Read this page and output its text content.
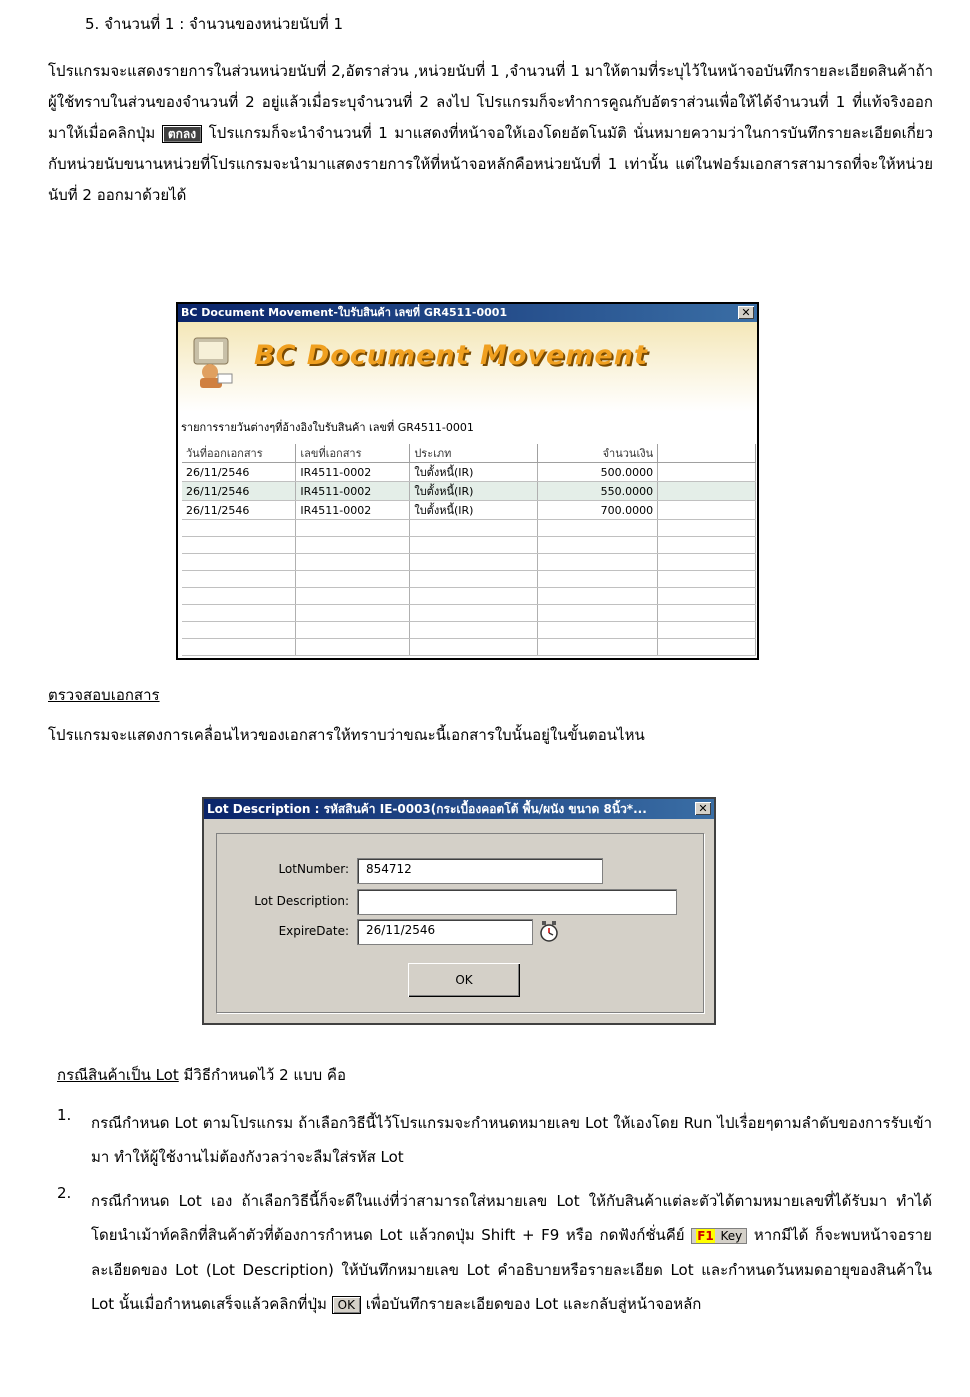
5. จำนวนที่ 1 : จำนวนของหน่วยนับที่ 1
โปรแกรมจะแสดงรายการในส่วนหน่วยนับที่ 2,อัตราส่วน ,หน่วยนับที่ 1 ,จำนวนที่ 1 มาให้ตามที่ระบุไว้ในหน้าจอบันทึกรายละเอียดสินค้าถ้าผู้ใช้ทราบในส่วนของจำนวนที่ 2 อยู่แล้วเมื่อระบุจำนวนที่ 2 ลงไป โปรแกรมก็จะทำการคูณกับอัตราส่วนเพื่อให้ได้จำนวนที่ 1 ที่แท้จริงออกมาให้เมื่อคลิกปุ่ม ตกลง โปรแกรมก็จะนำจำนวนที่ 1 มาแสดงที่หน้าจอให้เองโดยอัตโนมัติ นั่นหมายความว่าในการบันทึกรายละเอียดเกี่ยวกับหน่วยนับขนานหน่วยที่โปรแกรมจะนำมาแสดงรายการให้ที่หน้าจอหลักคือหน่วยนับที่ 1 เท่านั้น แต่ในฟอร์มเอกสารสามารถที่จะให้หน่วยนับที่ 2 ออกมาด้วยได้
BC Document Movement-ใบรับสินค้า เลขที่ GR4511-0001	✕
BC Document Movement
รายการรายวันต่างๆที่อ้างอิงใบรับสินค้า เลขที่ GR4511-0001
วันที่ออกเอกสาร	เลขที่เอกสาร	ประเภท	จำนวนเงิน	
26/11/2546	IR4511-0002	ใบตั้งหนี้(IR)	500.0000	
26/11/2546	IR4511-0002	ใบตั้งหนี้(IR)	550.0000	
26/11/2546	IR4511-0002	ใบตั้งหนี้(IR)	700.0000	

ตรวจสอบเอกสาร
โปรแกรมจะแสดงการเคลื่อนไหวของเอกสารให้ทราบว่าขณะนี้เอกสารใบนั้นอยู่ในขั้นตอนไหน
Lot Description : รหัสสินค้า IE-0003(กระเบื้องคอตโต้ พื้น/ผนัง ขนาด 8นิ้ว*...	✕
LotNumber:	854712
Lot Description:
ExpireDate:	26/11/2546
OK
กรณีสินค้าเป็น Lot มีวิธีกำหนดไว้ 2 แบบ คือ
1. กรณีกำหนด Lot ตามโปรแกรม ถ้าเลือกวิธีนี้ไว้โปรแกรมจะกำหนดหมายเลข Lot ให้เองโดย Run ไปเรื่อยๆตามลำดับของการรับเข้ามา ทำให้ผู้ใช้งานไม่ต้องกังวลว่าจะลืมใส่รหัส Lot
2. กรณีกำหนด Lot เอง ถ้าเลือกวิธีนี้ก็จะดีในแง่ที่ว่าสามารถใส่หมายเลข Lot ให้กับสินค้าแต่ละตัวได้ตามหมายเลขที่ได้รับมา ทำได้โดยนำเม้าท์คลิกที่สินค้าตัวที่ต้องการกำหนด Lot แล้วกดปุ่ม Shift + F9 หรือ กดฟังก์ชั่นคีย์ F1 Key หากมีได้ ก็จะพบหน้าจอรายละเอียดของ Lot (Lot Description) ให้บันทึกหมายเลข Lot คำอธิบายหรือรายละเอียด Lot และกำหนดวันหมดอายุของสินค้าใน Lot นั้นเมื่อกำหนดเสร็จแล้วคลิกที่ปุ่ม OK เพื่อบันทึกรายละเอียดของ Lot และกลับสู่หน้าจอหลัก
